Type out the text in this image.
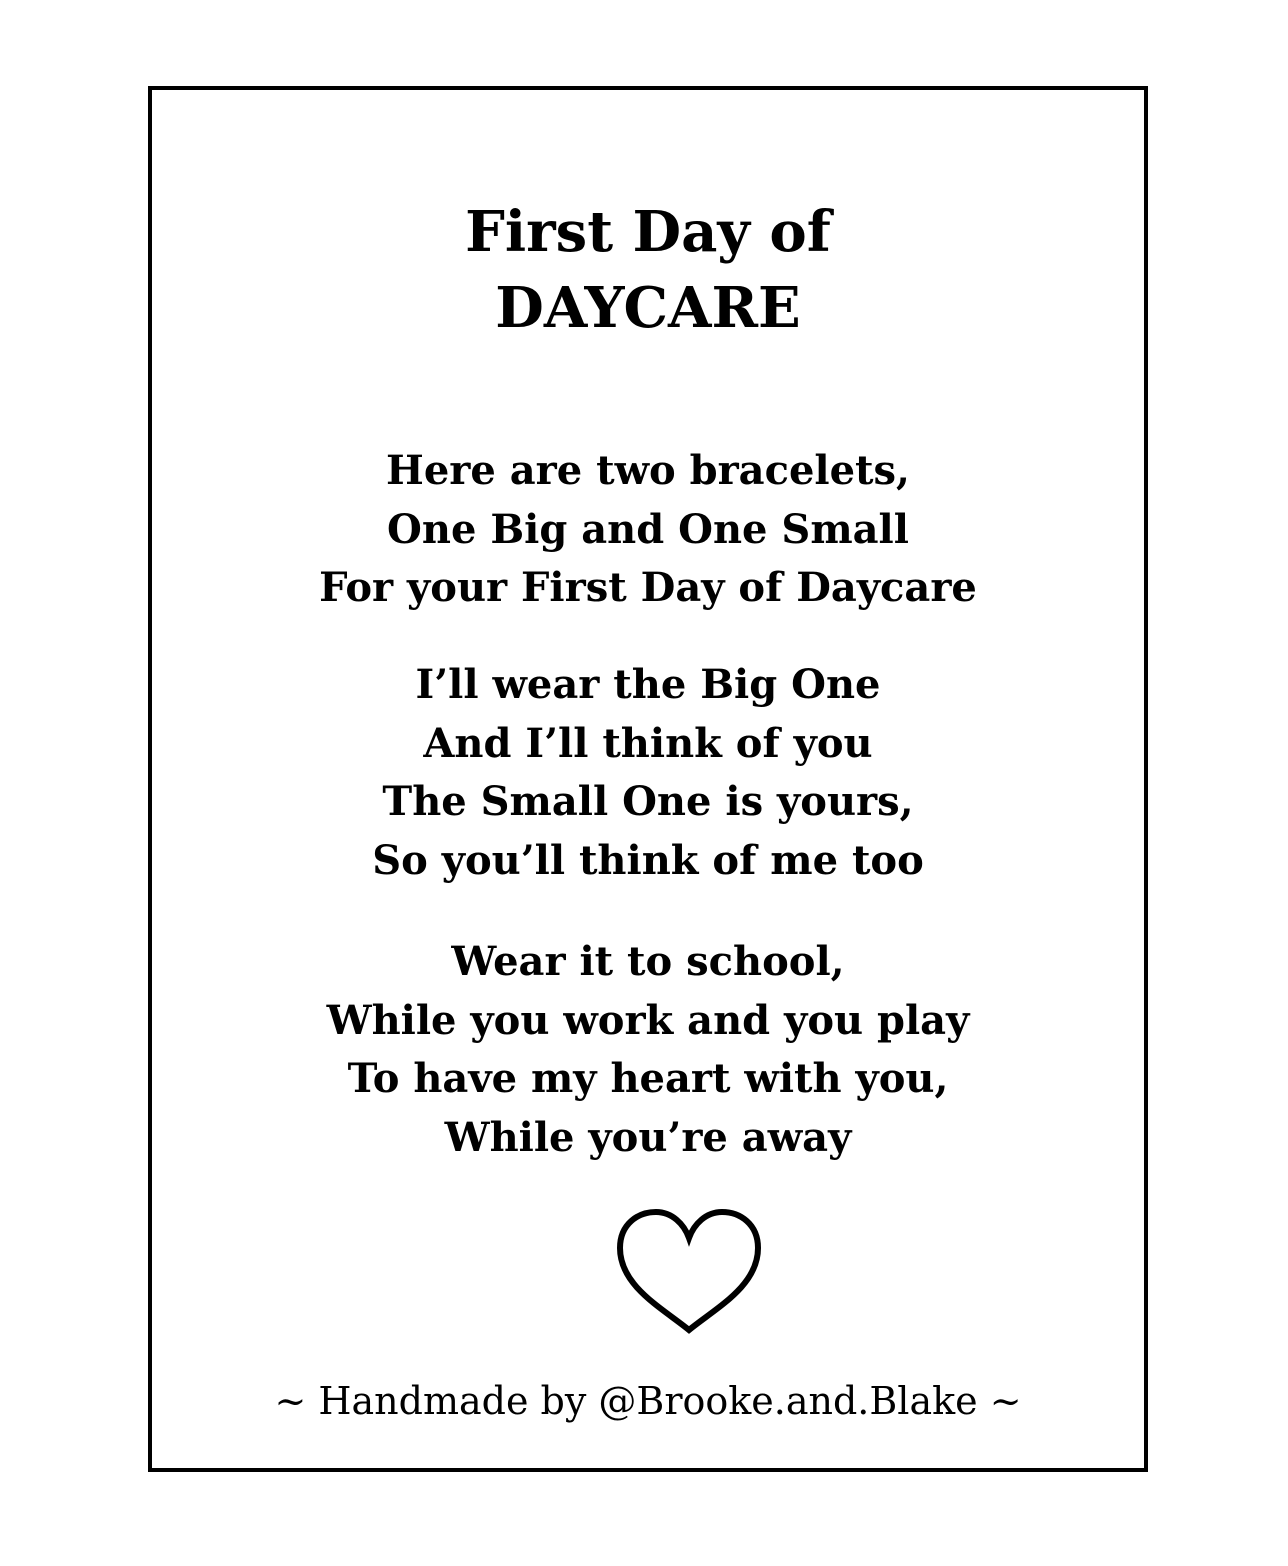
First Day of
DAYCARE

Here are two bracelets,
One Big and One Small
For your First Day of Daycare

I’ll wear the Big One
And I’ll think of you
The Small One is yours,
So you’ll think of me too

Wear it to school,
While you work and you play
To have my heart with you,
While you’re away

~ Handmade by @Brooke.and.Blake ~
